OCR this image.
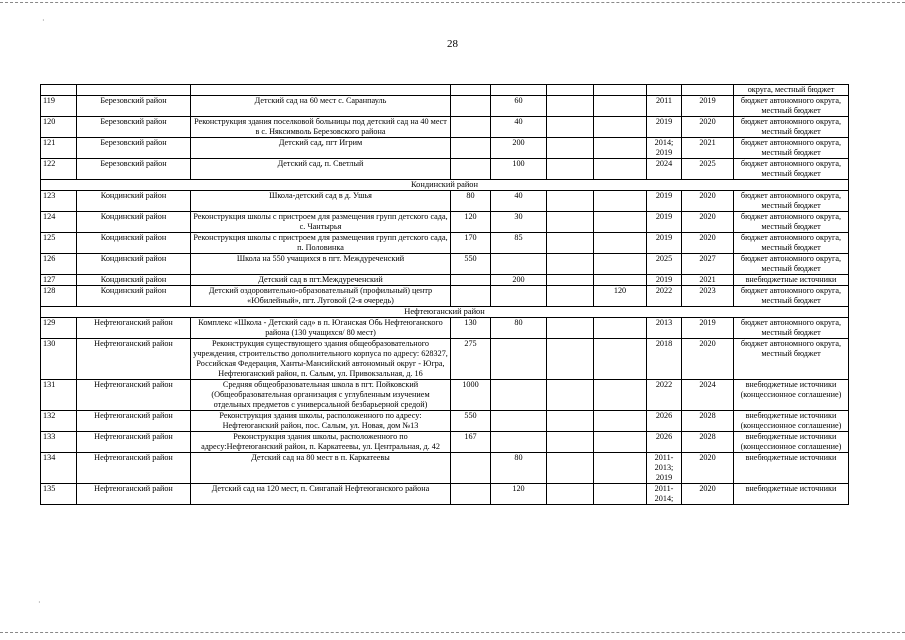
·
·
28
									округа, местный бюджет
119	Березовский район	Детский сад на 60 мест с. Саранпауль		60			2011	2019	бюджет автономного округа, местный бюджет
120	Березовский район	Реконструкция здания поселковой больницы под детский сад на 40 мест в с. Няксимволь Березовского района		40			2019	2020	бюджет автономного округа, местный бюджет
121	Березовский район	Детский сад, пгт Игрим		200			2014; 2019	2021	бюджет автономного округа, местный бюджет
122	Березовский район	Детский сад, п. Светлый		100			2024	2025	бюджет автономного округа, местный бюджет
Кондинский район									
123	Кондинский район	Школа-детский сад в д. Ушья	80	40			2019	2020	бюджет автономного округа, местный бюджет
124	Кондинский район	Реконструкция школы с пристроем для размещения групп детского сада, с. Чантырья	120	30			2019	2020	бюджет автономного округа, местный бюджет
125	Кондинский район	Реконструкция школы с пристроем для размещения групп детского сада, п. Половинка	170	85			2019	2020	бюджет автономного округа, местный бюджет
126	Кондинский район	Школа на 550 учащихся в пгт. Междуреченский	550				2025	2027	бюджет автономного округа, местный бюджет
127	Кондинский район	Детский сад в пгт.Междуреченский		200			2019	2021	внебюджетные источники
128	Кондинский район	Детский оздоровительно-образовательный (профильный) центр «Юбилейный», пгт. Луговой (2-я очередь)				120	2022	2023	бюджет автономного округа, местный бюджет
Нефтеюганский район									
129	Нефтеюганский район	Комплекс «Школа - Детский сад» в п. Юганская Обь Нефтеюганского района (130 учащихся/ 80 мест)	130	80			2013	2019	бюджет автономного округа, местный бюджет
130	Нефтеюганский район	Реконструкция существующего здания общеобразовательного учреждения, строительство дополнительного корпуса по адресу: 628327, Российская Федерация, Ханты-Мансийский автономный округ - Югра, Нефтеюганский район, п. Салым, ул. Привокзальная, д. 16	275				2018	2020	бюджет автономного округа, местный бюджет
131	Нефтеюганский район	Средняя общеобразовательная школа в пгт. Пойковский (Общеобразовательная организация с углубленным изучением отдельных предметов с универсальной безбарьерной средой)	1000				2022	2024	внебюджетные источники (концессионное соглашение)
132	Нефтеюганский район	Реконструкция здания школы, расположенного по адресу: Нефтеюганский район, пос. Салым, ул. Новая, дом №13	550				2026	2028	внебюджетные источники (концессионное соглашение)
133	Нефтеюганский район	Реконструкция здания школы, расположенного по адресу:Нефтеюганский район, п. Каркатеевы, ул. Центральная, д. 42	167				2026	2028	внебюджетные источники (концессионное соглашение)
134	Нефтеюганский район	Детский сад на 80 мест в п. Каркатеевы		80			2011- 2013; 2019	2020	внебюджетные источники
135	Нефтеюганский район	Детский сад на 120 мест, п. Сингапай Нефтеюганского района		120			2011- 2014;	2020	внебюджетные источники
